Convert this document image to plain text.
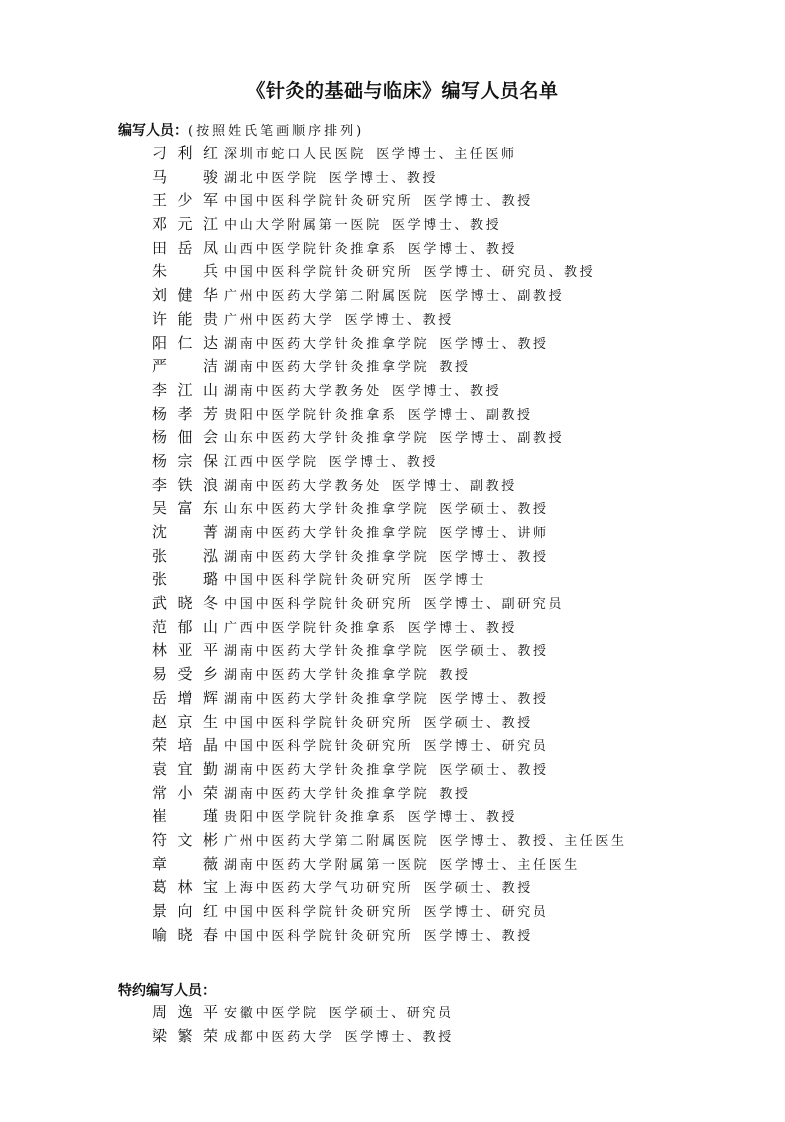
《针灸的基础与临床》编写人员名单
编写人员：(按照姓氏笔画顺序排列)
刁利红 深圳市蛇口人民医院 医学博士、主任医师
马　骏 湖北中医学院 医学博士、教授
王少军 中国中医科学院针灸研究所 医学博士、教授
邓元江 中山大学附属第一医院 医学博士、教授
田岳凤 山西中医学院针灸推拿系 医学博士、教授
朱　兵 中国中医科学院针灸研究所 医学博士、研究员、教授
刘健华 广州中医药大学第二附属医院 医学博士、副教授
许能贵 广州中医药大学 医学博士、教授
阳仁达 湖南中医药大学针灸推拿学院 医学博士、教授
严　洁 湖南中医药大学针灸推拿学院 教授
李江山 湖南中医药大学教务处 医学博士、教授
杨孝芳 贵阳中医学院针灸推拿系 医学博士、副教授
杨佃会 山东中医药大学针灸推拿学院 医学博士、副教授
杨宗保 江西中医学院 医学博士、教授
李铁浪 湖南中医药大学教务处 医学博士、副教授
吴富东 山东中医药大学针灸推拿学院 医学硕士、教授
沈　菁 湖南中医药大学针灸推拿学院 医学博士、讲师
张　泓 湖南中医药大学针灸推拿学院 医学博士、教授
张　璐 中国中医科学院针灸研究所 医学博士
武晓冬 中国中医科学院针灸研究所 医学博士、副研究员
范郁山 广西中医学院针灸推拿系 医学博士、教授
林亚平 湖南中医药大学针灸推拿学院 医学硕士、教授
易受乡 湖南中医药大学针灸推拿学院 教授
岳增辉 湖南中医药大学针灸推拿学院 医学博士、教授
赵京生 中国中医科学院针灸研究所 医学硕士、教授
荣培晶 中国中医科学院针灸研究所 医学博士、研究员
袁宜勤 湖南中医药大学针灸推拿学院 医学硕士、教授
常小荣 湖南中医药大学针灸推拿学院 教授
崔　瑾 贵阳中医学院针灸推拿系 医学博士、教授
符文彬 广州中医药大学第二附属医院 医学博士、教授、主任医生
章　薇 湖南中医药大学附属第一医院 医学博士、主任医生
葛林宝 上海中医药大学气功研究所 医学硕士、教授
景向红 中国中医科学院针灸研究所 医学博士、研究员
喻晓春 中国中医科学院针灸研究所 医学博士、教授
特约编写人员：
周逸平 安徽中医学院 医学硕士、研究员
梁繁荣 成都中医药大学 医学博士、教授
